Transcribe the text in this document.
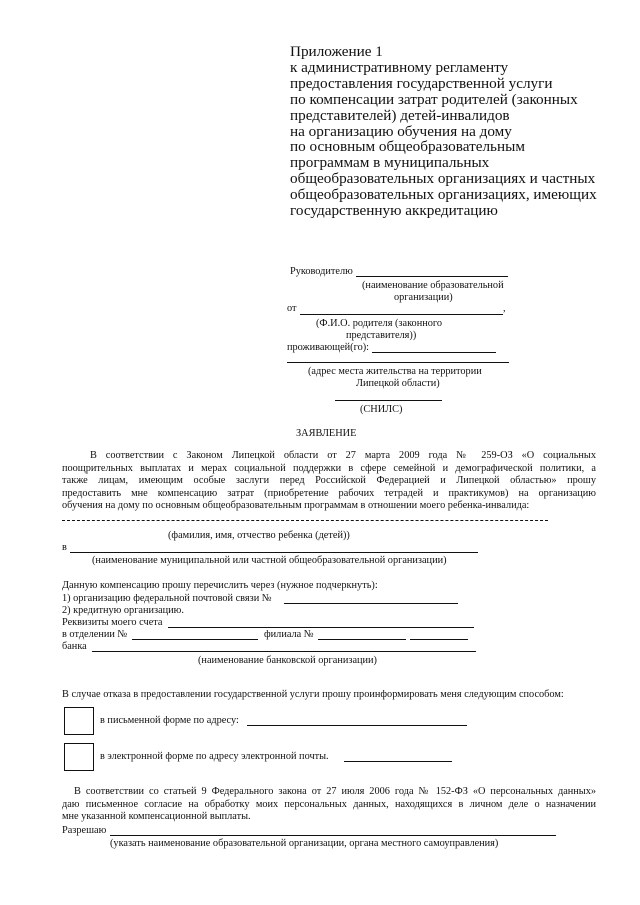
Приложение 1
к административному регламенту
предоставления государственной услуги
по компенсации затрат родителей (законных
представителей) детей-инвалидов
на организацию обучения на дому
по основным общеобразовательным
программам в муниципальных
общеобразовательных организациях и частных
общеобразовательных организациях, имеющих
государственную аккредитацию
Руководителю
(наименование образовательной
организации)
от	,
(Ф.И.О. родителя (законного
представителя))
проживающей(го):
(адрес места жительства на территории
Липецкой области)
(СНИЛС)
ЗАЯВЛЕНИЕ
В соответствии с Законом Липецкой области от 27 марта 2009 года № 259-ОЗ «О социальных
поощрительных выплатах и мерах социальной поддержки в сфере семейной и демографической политики, а
также лицам, имеющим особые заслуги перед Российской Федерацией и Липецкой областью» прошу
предоставить мне компенсацию затрат (приобретение рабочих тетрадей и практикумов) на организацию
обучения на дому по основным общеобразовательным программам в отношении моего ребенка-инвалида:
(фамилия, имя, отчество ребенка (детей))
в
(наименование муниципальной или частной общеобразовательной организации)
Данную компенсацию прошу перечислить через (нужное подчеркнуть):
1) организацию федеральной почтовой связи №
2) кредитную организацию.
Реквизиты моего счета
в отделении №	филиала №
банка
(наименование банковской организации)
В случае отказа в предоставлении государственной услуги прошу проинформировать меня следующим способом:
в письменной форме по адресу:
в электронной форме по адресу электронной почты.
В соответствии со статьей 9 Федерального закона от 27 июля 2006 года № 152-ФЗ «О персональных данных»
даю письменное согласие на обработку моих персональных данных, находящихся в личном деле о назначении
мне указанной компенсационной выплаты.
Разрешаю
(указать наименование образовательной организации, органа местного самоуправления)
